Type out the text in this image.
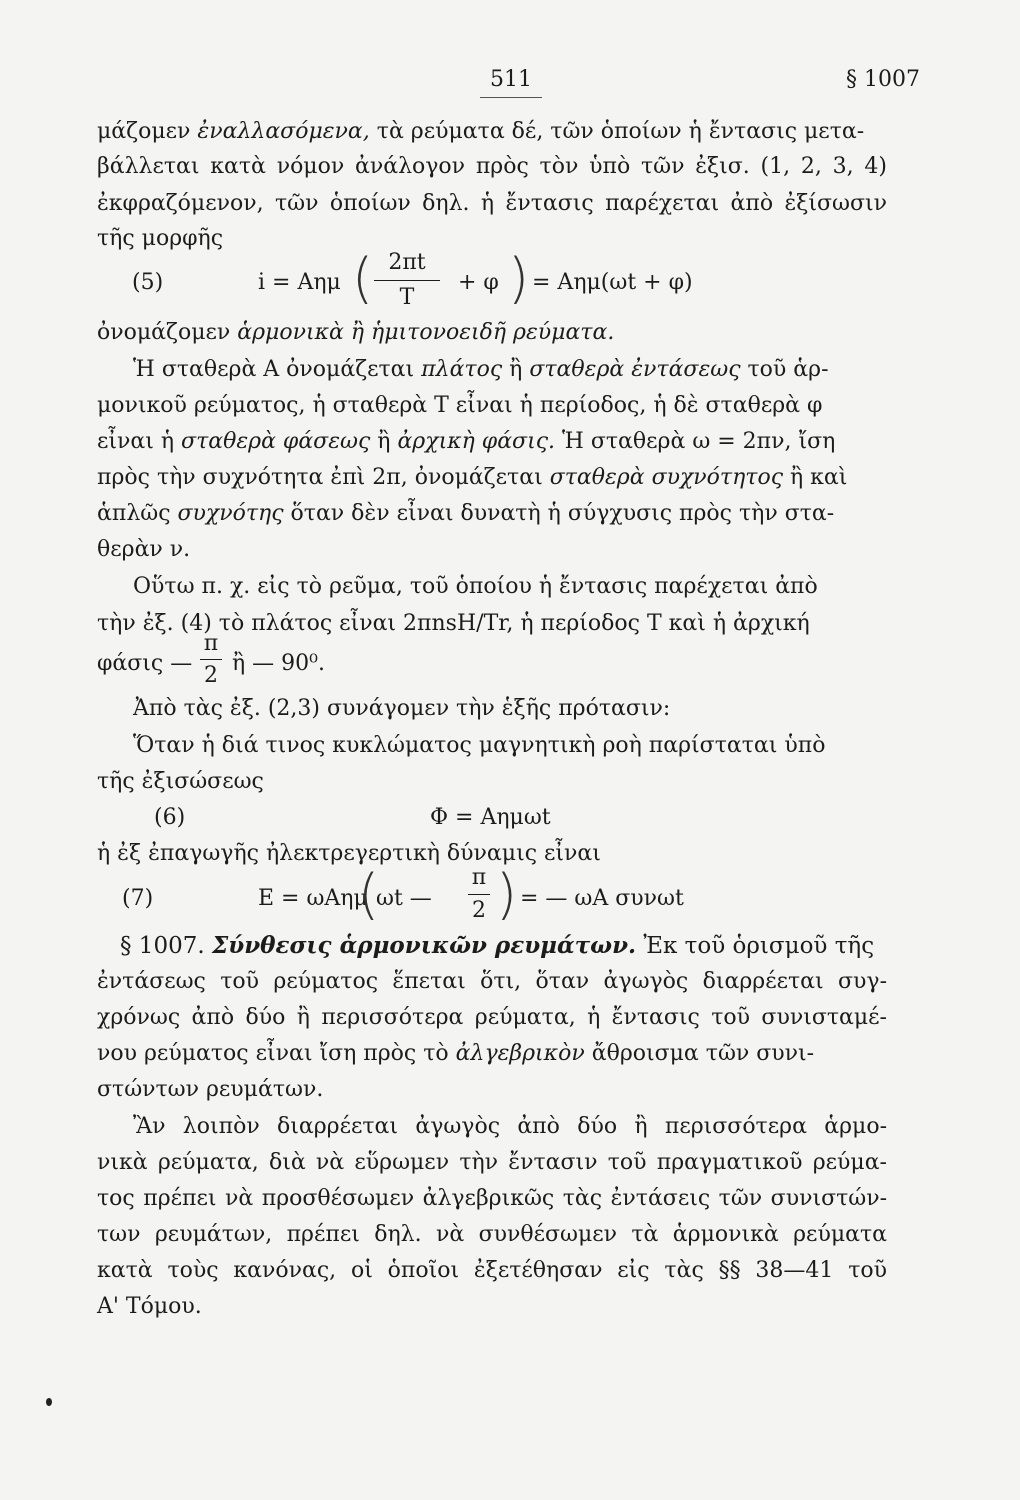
511	§ 1007
μάζομεν ἐναλλασόμενα, τὰ ρεύματα δέ, τῶν ὁποίων ἡ ἔντασις μετα-
βάλλεται κατὰ νόμον ἀνάλογον πρὸς τὸν ὑπὸ τῶν ἐξισ. (1, 2, 3, 4)
ἐκφραζόμενον, τῶν ὁποίων δηλ. ἡ ἔντασις παρέχεται ἀπὸ ἐξίσωσιν
τῆς μορφῆς
(5)	i = Aημ ( 2πt
T
+ φ ) = Aημ(ωt + φ)
ὀνομάζομεν ἁρμονικὰ ἢ ἡμιτονοειδῆ ρεύματα.
Ἡ σταθερὰ Α ὀνομάζεται πλάτος ἢ σταθερὰ ἐντάσεως τοῦ ἁρ-
μονικοῦ ρεύματος, ἡ σταθερὰ Τ εἶναι ἡ περίοδος, ἡ δὲ σταθερὰ φ
εἶναι ἡ σταθερὰ φάσεως ἢ ἀρχικὴ φάσις. Ἡ σταθερὰ ω = 2πν, ἴση
πρὸς τὴν συχνότητα ἐπὶ 2π, ὀνομάζεται σταθερὰ συχνότητος ἢ καὶ
ἁπλῶς συχνότης ὅταν δὲν εἶναι δυνατὴ ἡ σύγχυσις πρὸς τὴν στα-
θερὰν ν.
Οὕτω π. χ. εἰς τὸ ρεῦμα, τοῦ ὁποίου ἡ ἔντασις παρέχεται ἀπὸ
τὴν ἐξ. (4) τὸ πλάτος εἶναι 2πnsH/Tr, ἡ περίοδος Τ καὶ ἡ ἀρχική
φάσις —
π
2 ἢ — 90⁰.
Ἀπὸ τὰς ἐξ. (2,3) συνάγομεν τὴν ἑξῆς πρότασιν:
Ὅταν ἡ διά τινος κυκλώματος μαγνητικὴ ροὴ παρίσταται ὑπὸ
τῆς ἐξισώσεως
(6)	Φ = Αημωt
ἡ ἐξ ἐπαγωγῆς ἠλεκτρεγερτικὴ δύναμις εἶναι
(7)	E = ωAημ
(
ωt —
π
2 ) = — ωA συνωt
§ 1007. Σύνθεσις ἁρμονικῶν ρευμάτων. Ἐκ τοῦ ὁρισμοῦ τῆς
ἐντάσεως τοῦ ρεύματος ἕπεται ὅτι, ὅταν ἀγωγὸς διαρρέεται συγ-
χρόνως ἀπὸ δύο ἢ περισσότερα ρεύματα, ἡ ἔντασις τοῦ συνισταμέ-
νου ρεύματος εἶναι ἴση πρὸς τὸ ἀλγεβρικὸν ἄθροισμα τῶν συνι-
στώντων ρευμάτων.
Ἂν λοιπὸν διαρρέεται ἀγωγὸς ἀπὸ δύο ἢ περισσότερα ἁρμο-
νικὰ ρεύματα, διὰ νὰ εὕρωμεν τὴν ἔντασιν τοῦ πραγματικοῦ ρεύμα-
τος πρέπει νὰ προσθέσωμεν ἀλγεβρικῶς τὰς ἐντάσεις τῶν συνιστών-
των ρευμάτων, πρέπει δηλ. νὰ συνθέσωμεν τὰ ἁρμονικὰ ρεύματα
κατὰ τοὺς κανόνας, οἱ ὁποῖοι ἐξετέθησαν εἰς τὰς §§ 38—41 τοῦ
Α' Τόμου.
